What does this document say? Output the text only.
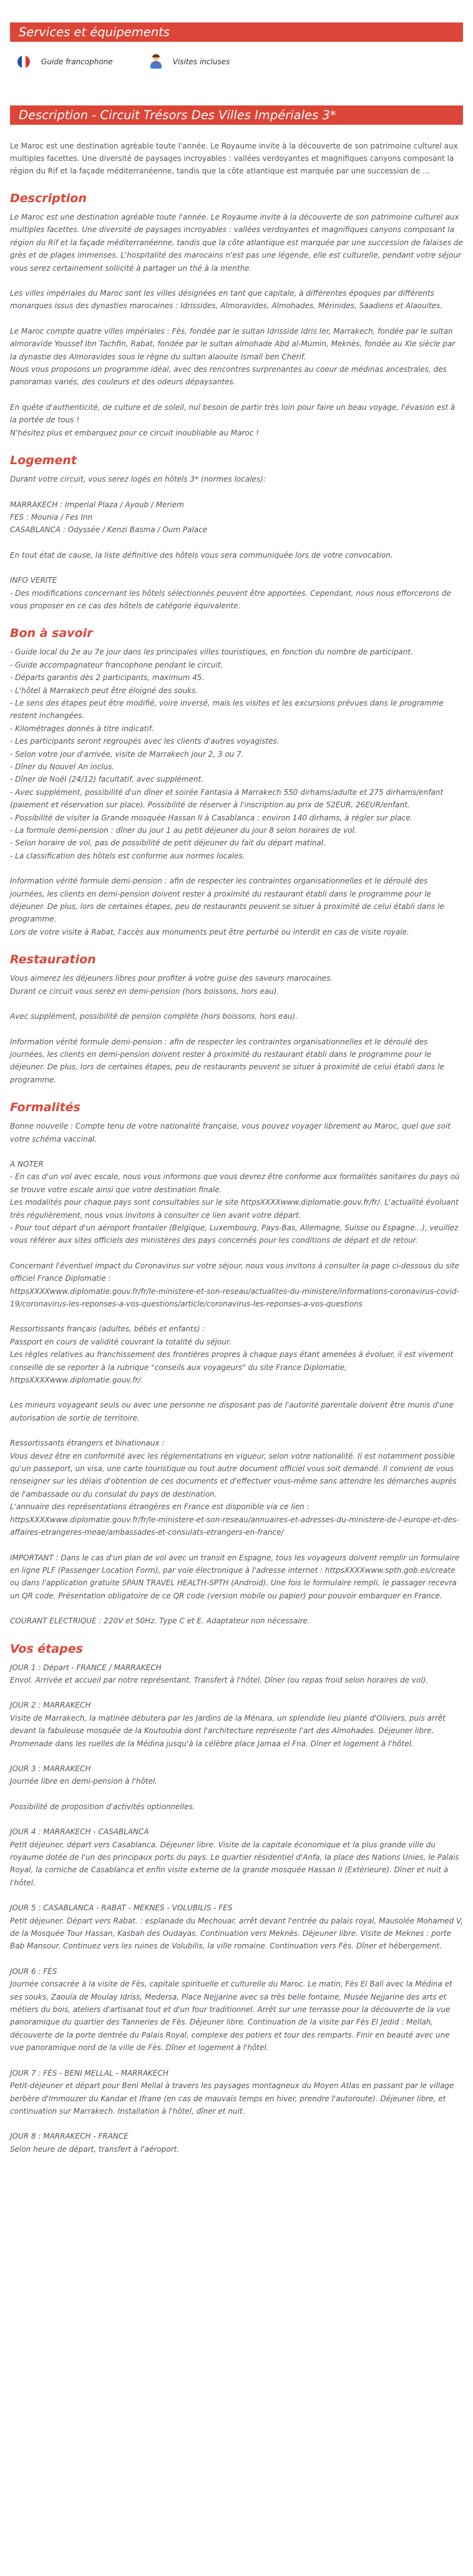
Services et équipements
Guide francophone	Visites incluses
Description - Circuit Trésors Des Villes Impériales 3*
Le Maroc est une destination agréable toute l'année. Le Royaume invite à la découverte de son patrimoine culturel aux multiples facettes. Une diversité de paysages incroyables : vallées verdoyantes et magnifiques canyons composant la région du Rif et la façade méditerranéenne, tandis que la côte atlantique est marquée par une succession de ...
Description
Le Maroc est une destination agréable toute l'année. Le Royaume invite à la découverte de son patrimoine culturel aux multiples facettes. Une diversité de paysages incroyables : vallées verdoyantes et magnifiques canyons composant la région du Rif et la façade méditerranéenne, tandis que la côte atlantique est marquée par une succession de falaises de grès et de plages immenses. L'hospitalité des marocains n'est pas une légende, elle est culturelle, pendant votre séjour vous serez certainement sollicité à partager un thé à la menthe.
Les villes impériales du Maroc sont les villes désignées en tant que capitale, à différentes époques par différents monarques issus des dynasties marocaines : Idrissides, Almoravides, Almohades, Mérinides, Saadiens et Alaouites.
Le Maroc compte quatre villes impériales : Fès, fondée par le sultan Idrisside Idris Ier, Marrakech, fondée par le sultan almoravide Youssef Ibn Tachfin, Rabat, fondée par le sultan almohade Abd al-Mumin, Meknès, fondée au XIe siècle par la dynastie des Almoravides sous le règne du sultan alaouite Ismaïl ben Chérif.
Nous vous proposons un programme idéal, avec des rencontres surprenantes au coeur de médinas ancestrales, des panoramas variés, des couleurs et des odeurs dépaysantes.
En quête d'authenticité, de culture et de soleil, nul besoin de partir très loin pour faire un beau voyage, l'évasion est à la portée de tous !
N'hésitez plus et embarquez pour ce circuit inoubliable au Maroc !
Logement
Durant votre circuit, vous serez logés en hôtels 3* (normes locales):
MARRAKECH : Imperial Plaza / Ayoub / Meriem
FES : Mounia / Fes Inn
CASABLANCA : Odyssée / Kenzi Basma / Oum Palace
En tout état de cause, la liste définitive des hôtels vous sera communiquée lors de votre convocation.
INFO VERITE
- Des modifications concernant les hôtels sélectionnés peuvent être apportées. Cependant, nous nous efforcerons de vous proposer en ce cas des hôtels de catégorie équivalente.
Bon à savoir
- Guide local du 2e au 7e jour dans les principales villes touristiques, en fonction du nombre de participant.
- Guide accompagnateur francophone pendant le circuit.
- Départs garantis dès 2 participants, maximum 45.
- L'hôtel à Marrakech peut être éloigné des souks.
- Le sens des étapes peut être modifié, voire inversé, mais les visites et les excursions prévues dans le programme restent inchangées.
- Kilométrages donnés à titre indicatif.
- Les participants seront regroupés avec les clients d'autres voyagistes.
- Selon votre jour d'arrivée, visite de Marrakech jour 2, 3 ou 7.
- Dîner du Nouvel An inclus.
- Dîner de Noël (24/12) facultatif, avec supplément.
- Avec supplément, possibilité d'un dîner et soirée Fantasia à Marrakech 550 dirhams/adulte et 275 dirhams/enfant (paiement et réservation sur place). Possibilité de réserver à l'inscription au prix de 52EUR, 26EUR/enfant.
- Possibilité de visiter la Grande mosquée Hassan II à Casablanca : environ 140 dirhams, à régler sur place.
- La formule demi-pension : dîner du jour 1 au petit déjeuner du jour 8 selon horaires de vol.
- Selon horaire de vol, pas de possibilité de petit déjeuner du fait du départ matinal.
- La classification des hôtels est conforme aux normes locales.
Information vérité formule demi-pension : afin de respecter les contraintes organisationnelles et le déroulé des journées, les clients en demi-pension doivent rester à proximité du restaurant établi dans le programme pour le déjeuner. De plus, lors de certaines étapes, peu de restaurants peuvent se situer à proximité de celui établi dans le programme.
Lors de votre visite à Rabat, l'accès aux monuments peut être perturbé ou interdit en cas de visite royale.
Restauration
Vous aimerez les déjeuners libres pour profiter à votre guise des saveurs marocaines.
Durant ce circuit vous serez en demi-pension (hors boissons, hors eau).
Avec supplément, possibilité de pension complète (hors boissons, hors eau).
Information vérité formule demi-pension : afin de respecter les contraintes organisationnelles et le déroulé des journées, les clients en demi-pension doivent rester à proximité du restaurant établi dans le programme pour le déjeuner. De plus, lors de certaines étapes, peu de restaurants peuvent se situer à proximité de celui établi dans le programme.
Formalités
Bonne nouvelle : Compte tenu de votre nationalité française, vous pouvez voyager librement au Maroc, quel que soit votre schéma vaccinal.
A NOTER
- En cas d'un vol avec escale, nous vous informons que vous devrez être conforme aux formalités sanitaires du pays où se trouve votre escale ainsi que votre destination finale.
Les modalités pour chaque pays sont consultables sur le site httpsXXXXwww.diplomatie.gouv.fr/fr/. L'actualité évoluant très régulièrement, nous vous invitons à consulter ce lien avant votre départ.
- Pour tout départ d'un aéroport frontalier (Belgique, Luxembourg, Pays-Bas, Allemagne, Suisse ou Espagne...), veuillez vous référer aux sites officiels des ministères des pays concernés pour les conditions de départ et de retour.
Concernant l'éventuel impact du Coronavirus sur votre séjour, nous vous invitons à consulter la page ci-dessous du site officiel France Diplomatie :
httpsXXXXwww.diplomatie.gouv.fr/fr/le-ministere-et-son-reseau/actualites-du-ministere/informations-coronavirus-covid-19/coronavirus-les-reponses-a-vos-questions/article/coronavirus-les-reponses-a-vos-questions
Ressortissants français (adultes, bébés et enfants) :
Passport en cours de validité couvrant la totalité du séjour.
Les règles relatives au franchissement des frontières propres à chaque pays étant amenées à évoluer, il est vivement conseillé de se reporter à la rubrique "conseils aux voyageurs" du site France Diplomatie,
httpsXXXXwww.diplomatie.gouv.fr/.
Les mineurs voyageant seuls ou avec une personne ne disposant pas de l'autorité parentale doivent être munis d'une autorisation de sortie de territoire.
Ressortissants étrangers et binationaux :
Vous devez être en conformité avec les réglementations en vigueur, selon votre nationalité. Il est notamment possible qu'un passeport, un visa, une carte touristique ou tout autre document officiel vous soit demandé. Il convient de vous renseigner sur les délais d'obtention de ces documents et d'effectuer vous-même sans attendre les démarches auprès de l'ambassade ou du consulat du pays de destination.
L'annuaire des représentations étrangères en France est disponible via ce lien :
httpsXXXXwww.diplomatie.gouv.fr/fr/le-ministere-et-son-reseau/annuaires-et-adresses-du-ministere-de-l-europe-et-des-affaires-etrangeres-meae/ambassades-et-consulats-etrangers-en-france/
IMPORTANT : Dans le cas d'un plan de vol avec un transit en Espagne, tous les voyageurs doivent remplir un formulaire en ligne PLF (Passenger Location Form), par voie électronique à l'adresse internet : httpsXXXXwww.spth.gob.es/create ou dans l'application gratuite SPAIN TRAVEL HEALTH-SPTH (Android). Une fois le formulaire rempli, le passager recevra un QR code. Présentation obligatoire de ce QR code (version mobile ou papier) pour pouvoir embarquer en France.
COURANT ELECTRIQUE : 220V et 50Hz. Type C et E. Adaptateur non nécessaire.
Vos étapes
JOUR 1 : Départ - FRANCE / MARRAKECH
Envol. Arrivée et accueil par notre représentant. Transfert à l'hôtel. Dîner (ou repas froid selon horaires de vol).
JOUR 2 : MARRAKECH
Visite de Marrakech, la matinée débutera par les Jardins de la Ménara, un splendide lieu planté d'Oliviers, puis arrêt devant la fabuleuse mosquée de la Koutoubia dont l'architecture représente l'art des Almohades. Déjeuner libre. Promenade dans les ruelles de la Médina jusqu'à la célèbre place Jamaa el Fna. Dîner et logement à l'hôtel.
JOUR 3 : MARRAKECH
Journée libre en demi-pension à l'hôtel.
Possibilité de proposition d'activités optionnelles.
JOUR 4 : MARRAKECH - CASABLANCA
Petit déjeuner, départ vers Casablanca. Déjeuner libre. Visite de la capitale économique et la plus grande ville du royaume dotée de l'un des principaux ports du pays. Le quartier résidentiel d'Anfa, la place des Nations Unies, le Palais Royal, la corniche de Casablanca et enfin visite externe de la grande mosquée Hassan II (Extérieure). Dîner et nuit à l'hôtel.
JOUR 5 : CASABLANCA - RABAT - MEKNES - VOLUBILIS - FES
Petit déjeuner. Départ vers Rabat. : esplanade du Mechouar, arrêt devant l'entrée du palais royal, Mausolée Mohamed V, de la Mosquée Tour Hassan, Kasbah des Oudayas. Continuation vers Meknès. Déjeuner libre. Visite de Meknes : porte Bab Mansour. Continuez vers les ruines de Volubilis, la ville romaine. Continuation vers Fès. Dîner et hébergement.
JOUR 6 : FÈS
Journée consacrée à la visite de Fès, capitale spirituelle et culturelle du Maroc. Le matin, Fès El Bali avec la Médina et ses souks, Zaouïa de Moulay Idriss, Medersa, Place Nejjarine avec sa très belle fontaine, Musée Nejjarine des arts et métiers du bois, ateliers d'artisanat tout et d'un four traditionnel. Arrêt sur une terrasse pour la découverte de la vue panoramique du quartier des Tanneries de Fès. Déjeuner libre. Continuation de la visite par Fès El Jedid : Mellah, découverte de la porte dentrée du Palais Royal, complexe des potiers et tour des remparts. Finir en beauté avec une vue panoramique nord de la ville de Fès. Dîner et logement à l'hôtel.
JOUR 7 : FÈS - BENI MELLAL - MARRAKECH
Petit-déjeuner et départ pour Beni Mellal à travers les paysages montagneux du Moyen Atlas en passant par le village berbère d'Immouzer du Kandar et Ifrane (en cas de mauvais temps en hiver, prendre l'autoroute). Déjeuner libre, et continuation sur Marrakech. Installation à l'hôtel, dîner et nuit.
JOUR 8 : MARRAKECH - FRANCE
Selon heure de départ, transfert à l'aéroport.
